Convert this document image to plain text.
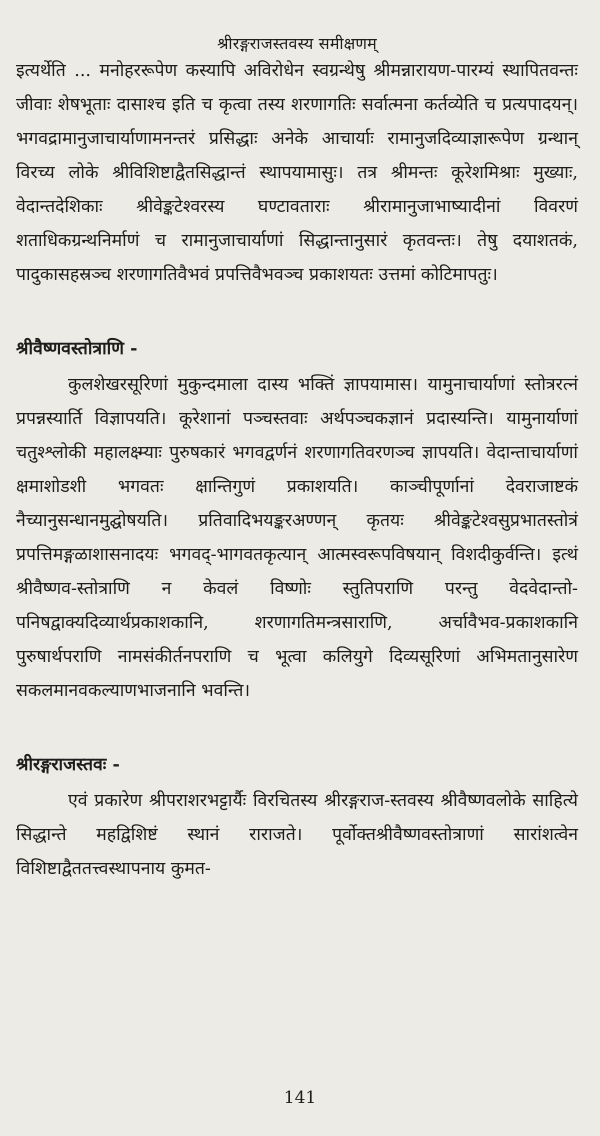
श्रीरङ्गराजस्तवस्य समीक्षणम्

इत्यर्थेति ... मनोहररूपेण कस्यापि अविरोधेन स्वग्रन्थेषु श्रीमन्नारायण-पारम्यं स्थापितवन्तः जीवाः शेषभूताः दासाश्च इति च कृत्वा तस्य शरणागतिः सर्वात्मना कर्तव्येति च प्रत्यपादयन्। भगवद्रामानुजाचार्याणामनन्तरं प्रसिद्धाः अनेके आचार्याः रामानुजदिव्याज्ञारूपेण ग्रन्थान् विरच्य लोके श्रीविशिष्टाद्वैतसिद्धान्तं स्थापयामासुः। तत्र श्रीमन्तः कूरेशमिश्राः मुख्याः, वेदान्तदेशिकाः श्रीवेङ्कटेश्वरस्य घण्टावताराः श्रीरामानुजाभाष्यादीनां विवरणं शताधिकग्रन्थनिर्माणं च रामानुजाचार्याणां सिद्धान्तानुसारं कृतवन्तः। तेषु दयाशतकं, पादुकासहस्रञ्च शरणागतिवैभवं प्रपत्तिवैभवञ्च प्रकाशयतः उत्तमां कोटिमापतुः।

श्रीवैष्णवस्तोत्राणि -

कुलशेखरसूरिणां मुकुन्दमाला दास्य भक्तिं ज्ञापयामास। यामुनाचार्याणां स्तोत्ररत्नं प्रपन्नस्यार्ति विज्ञापयति। कूरेशानां पञ्चस्तवाः अर्थपञ्चकज्ञानं प्रदास्यन्ति। यामुनार्याणां चतुश्श्लोकी महालक्ष्म्याः पुरुषकारं भगवद्वर्णनं शरणागतिवरणञ्च ज्ञापयति। वेदान्ताचार्याणां क्षमाशोडशी भगवतः क्षान्तिगुणं प्रकाशयति। काञ्चीपूर्णानां देवराजाष्टकं नैच्यानुसन्धानमुद्घोषयति। प्रतिवादिभयङ्करअण्णन् कृतयः श्रीवेङ्कटेश्वसुप्रभातस्तोत्रं प्रपत्तिमङ्गळाशासनादयः भगवद्-भागवतकृत्यान् आत्मस्वरूपविषयान् विशदीकुर्वन्ति। इत्थं श्रीवैष्णव-स्तोत्राणि न केवलं विष्णोः स्तुतिपराणि परन्तु वेदवेदान्तो-पनिषद्वाक्यदिव्यार्थप्रकाशकानि, शरणागतिमन्त्रसाराणि, अर्चावैभव-प्रकाशकानि पुरुषार्थपराणि नामसंकीर्तनपराणि च भूत्वा कलियुगे दिव्यसूरिणां अभिमतानुसारेण सकलमानवकल्याणभाजनानि भवन्ति।

श्रीरङ्गराजस्तवः -

एवं प्रकारेण श्रीपराशरभट्टार्यैः विरचितस्य श्रीरङ्गराज-स्तवस्य श्रीवैष्णवलोके साहित्ये सिद्धान्ते महद्विशिष्टं स्थानं राराजते। पूर्वोक्तश्रीवैष्णवस्तोत्राणां सारांशत्वेन विशिष्टाद्वैततत्त्वस्थापनाय कुमत-

141
